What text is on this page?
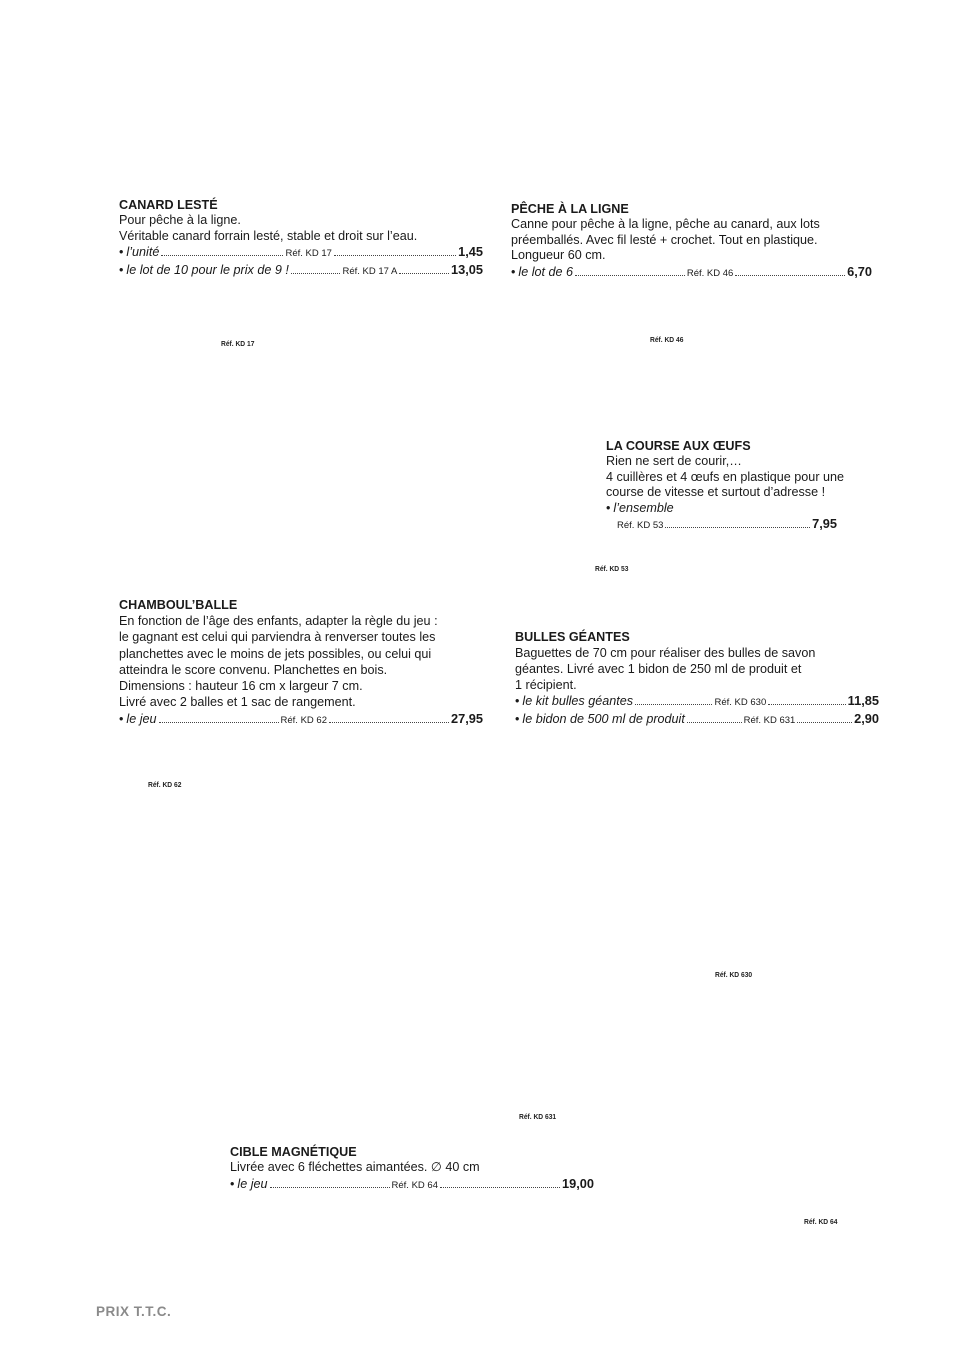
CANARD LESTÉ
Pour pêche à la ligne.
Véritable canard forrain lesté, stable et droit sur l’eau.
• l’unité	Réf. KD 17	1,45
• le lot de 10 pour le prix de 9 !	Réf. KD 17 A	13,05
Réf. KD 17
PÊCHE À LA LIGNE
Canne pour pêche à la ligne, pêche au canard, aux lots
préemballés. Avec fil lesté + crochet. Tout en plastique.
Longueur 60 cm.
• le lot de 6	Réf. KD 46	6,70
Réf. KD 46
LA COURSE AUX ŒUFS
Rien ne sert de courir,…
4 cuillères et 4 œufs en plastique pour une
course de vitesse et surtout d’adresse !
• l’ensemble
Réf. KD 53	7,95
Réf. KD 53
CHAMBOUL’BALLE
En fonction de l’âge des enfants, adapter la règle du jeu :
le gagnant est celui qui parviendra à renverser toutes les
planchettes avec le moins de jets possibles, ou celui qui
atteindra le score convenu. Planchettes en bois.
Dimensions : hauteur 16 cm x largeur 7 cm.
Livré avec 2 balles et 1 sac de rangement.
• le jeu	Réf. KD 62	27,95
Réf. KD 62
BULLES GÉANTES
Baguettes de 70 cm pour réaliser des bulles de savon
géantes. Livré avec 1 bidon de 250 ml de produit et
1 récipient.
• le kit bulles géantes	Réf. KD 630	11,85
• le bidon de 500 ml de produit	Réf. KD 631	2,90
Réf. KD 630
Réf. KD 631
CIBLE MAGNÉTIQUE
Livrée avec 6 fléchettes aimantées. ∅ 40 cm
• le jeu	Réf. KD 64	19,00
Réf. KD 64
PRIX T.T.C.
